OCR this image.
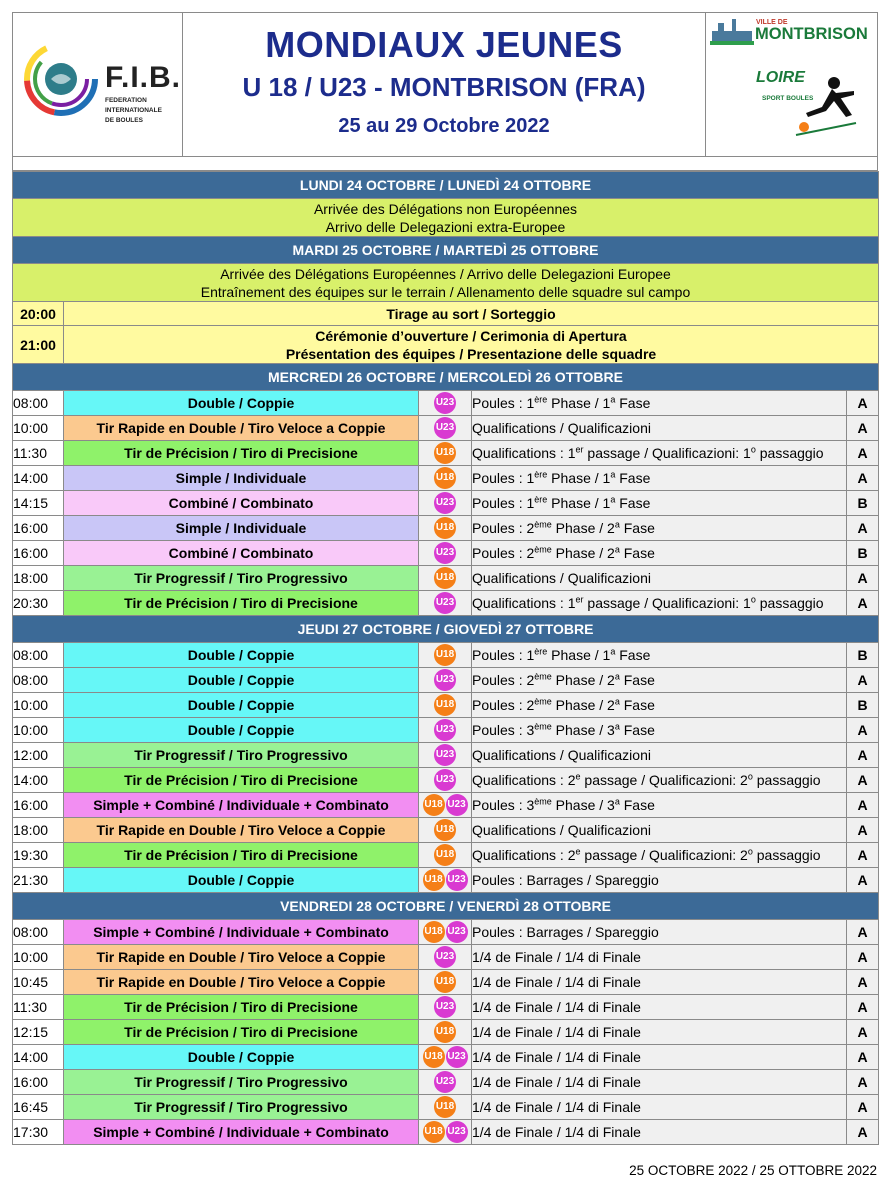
F.I.B.
FEDERATION
INTERNATIONALE
DE BOULES
MONDIAUX JEUNES
U 18 / U23 - MONTBRISON (FRA)
25 au 29 Octobre 2022
VILLE DE
MONTBRISON
LOIRE
SPORT BOULES
LUNDI 24 OCTOBRE / LUNEDÌ 24 OTTOBRE				

Arrivée des Délégations non Européennes
Arrivo delle Delegazioni extra-Europee				

MARDI 25 OCTOBRE / MARTEDÌ 25 OTTOBRE				

Arrivée des Délégations Européennes / Arrivo delle Delegazioni Europee
Entraînement des équipes sur le terrain / Allenamento delle squadre sul campo				

20:00	Tirage au sort / Sorteggio			

21:00	Cérémonie d’ouverture / Cerimonia di Apertura
Présentation des équipes / Presentazione delle squadre			

MERCREDI 26 OCTOBRE / MERCOLEDÌ 26 OTTOBRE				
08:00	Double / Coppie	U23	Poules : 1ère Phase / 1$^a$ Fase	A
10:00	Tir Rapide en Double / Tiro Veloce a Coppie	U23	Qualifications / Qualificazioni	A
11:30	Tir de Précision / Tiro di Precisione	U18	Qualifications : 1er passage / Qualificazioni: 1$^o$ passaggio	A
14:00	Simple / Individuale	U18	Poules : 1ère Phase / 1$^a$ Fase	A
14:15	Combiné / Combinato	U23	Poules : 1ère Phase / 1$^a$ Fase	B
16:00	Simple / Individuale	U18	Poules : 2ème Phase / 2$^a$ Fase	A
16:00	Combiné / Combinato	U23	Poules : 2ème Phase / 2$^a$ Fase	B
18:00	Tir Progressif / Tiro Progressivo	U18	Qualifications / Qualificazioni	A
20:30	Tir de Précision / Tiro di Precisione	U23	Qualifications : 1er passage / Qualificazioni: 1$^o$ passaggio	A
JEUDI 27 OCTOBRE / GIOVEDÌ 27 OTTOBRE				
08:00	Double / Coppie	U18	Poules : 1ère Phase / 1$^a$ Fase	B
08:00	Double / Coppie	U23	Poules : 2ème Phase / 2$^a$ Fase	A
10:00	Double / Coppie	U18	Poules : 2ème Phase / 2$^a$ Fase	B
10:00	Double / Coppie	U23	Poules : 3ème Phase / 3$^a$ Fase	A
12:00	Tir Progressif / Tiro Progressivo	U23	Qualifications / Qualificazioni	A
14:00	Tir de Précision / Tiro di Precisione	U23	Qualifications : 2e passage / Qualificazioni: 2$^o$ passaggio	A
16:00	Simple + Combiné / Individuale + Combinato	U18 U23	Poules : 3ème Phase / 3$^a$ Fase	A
18:00	Tir Rapide en Double / Tiro Veloce a Coppie	U18	Qualifications / Qualificazioni	A
19:30	Tir de Précision / Tiro di Precisione	U18	Qualifications : 2e passage / Qualificazioni: 2$^o$ passaggio	A
21:30	Double / Coppie	U18 U23	Poules : Barrages / Spareggio	A
VENDREDI 28 OCTOBRE / VENERDÌ 28 OTTOBRE				
08:00	Simple + Combiné / Individuale + Combinato	U18 U23	Poules : Barrages / Spareggio	A
10:00	Tir Rapide en Double / Tiro Veloce a Coppie	U23	1/4 de Finale / 1/4 di Finale	A
10:45	Tir Rapide en Double / Tiro Veloce a Coppie	U18	1/4 de Finale / 1/4 di Finale	A
11:30	Tir de Précision / Tiro di Precisione	U23	1/4 de Finale / 1/4 di Finale	A
12:15	Tir de Précision / Tiro di Precisione	U18	1/4 de Finale / 1/4 di Finale	A
14:00	Double / Coppie	U18 U23	1/4 de Finale / 1/4 di Finale	A
16:00	Tir Progressif / Tiro Progressivo	U23	1/4 de Finale / 1/4 di Finale	A
16:45	Tir Progressif / Tiro Progressivo	U18	1/4 de Finale / 1/4 di Finale	A
17:30	Simple + Combiné / Individuale + Combinato	U18 U23	1/4 de Finale / 1/4 di Finale	A
25 OCTOBRE 2022 / 25 OTTOBRE 2022
